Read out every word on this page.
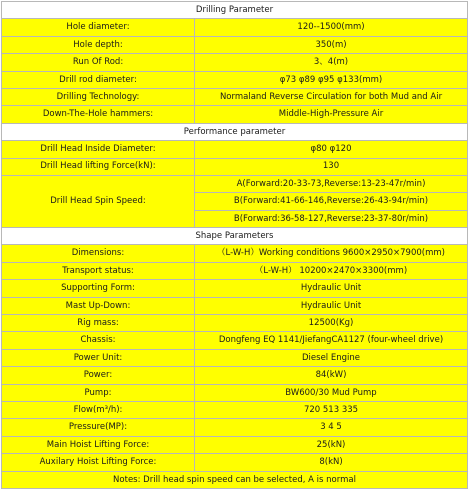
Drilling Parameter	
Hole diameter:	120--1500(mm)
Hole depth:	350(m)
Run Of Rod:	3、4(m)
Drill rod diameter:	φ73 φ89 φ95 φ133(mm)
Drilling Technology:	Normaland Reverse Circulation for both Mud and Air
Down-The-Hole hammers:	Middle-High-Pressure Air
Performance parameter	
Drill Head Inside Diameter:	φ80 φ120
Drill Head lifting Force(kN):	130
Drill Head Spin Speed:	A(Forward:20-33-73,Reverse:13-23-47r/min)
	B(Forward:41-66-146,Reverse:26-43-94r/min)
	B(Forward:36-58-127,Reverse:23-37-80r/min)
Shape Parameters	
Dimensions:	（L-W-H）Working conditions 9600×2950×7900(mm)
Transport status:	（L-W-H） 10200×2470×3300(mm)
Supporting Form:	Hydraulic Unit
Mast Up-Down:	Hydraulic Unit
Rig mass:	12500(Kg)
Chassis:	Dongfeng EQ 1141/JiefangCA1127 (four-wheel drive)
Power Unit:	Diesel Engine
Power:	84(kW)
Pump:	BW600/30 Mud Pump
Flow(m³/h):	720 513 335
Pressure(MP):	3 4 5
Main Hoist Lifting Force:	25(kN)
Auxilary Hoist Lifting Force:	8(kN)
Notes: Drill head spin speed can be selected, A is normal	
